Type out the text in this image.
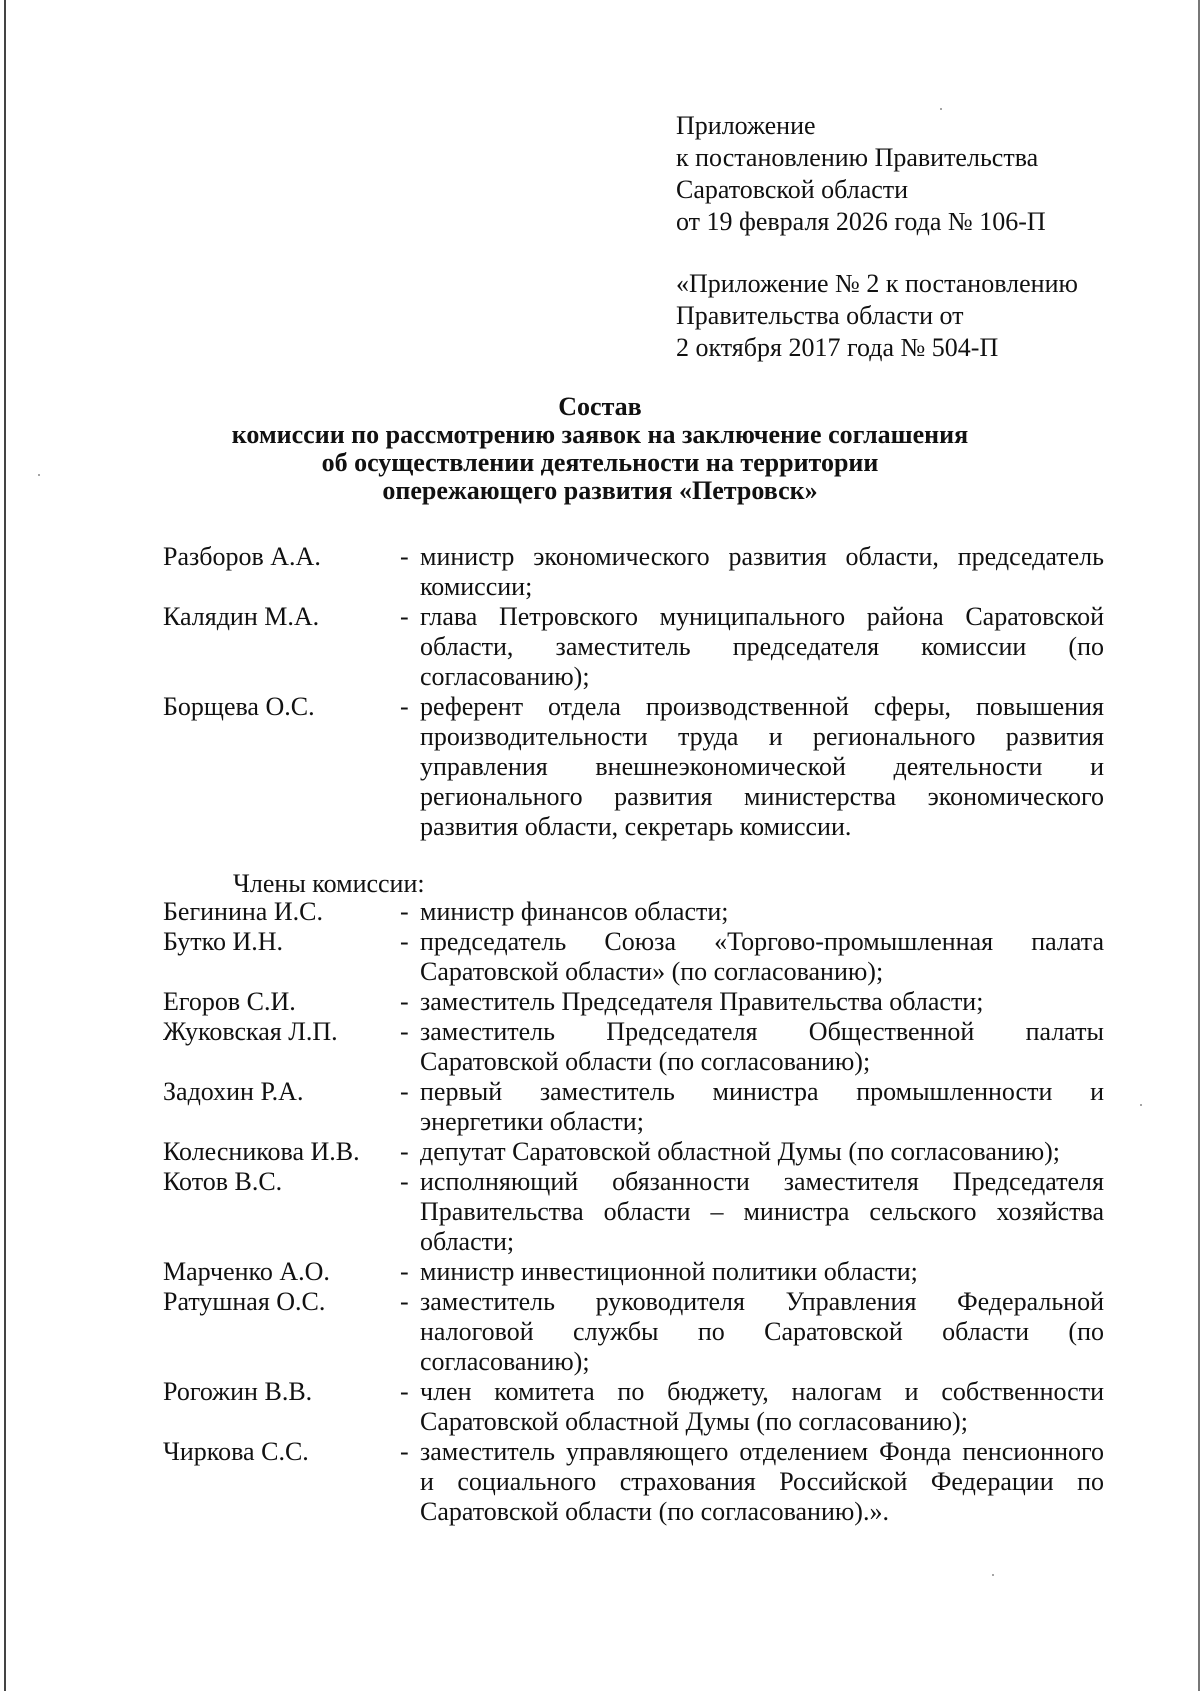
Приложение
к постановлению Правительства
Саратовской области
от 19 февраля 2026 года № 106-П
«Приложение № 2 к постановлению
Правительства области от
2 октября 2017 года № 504-П
Состав
комиссии по рассмотрению заявок на заключение соглашения
об осуществлении деятельности на территории
опережающего развития «Петровск»
Разборов А.А.	- министр экономического развития области, председатель комиссии;
Калядин М.А.	- глава Петровского муниципального района Саратовской области, заместитель председателя комиссии (по согласованию);
Борщева О.С.	- референт отдела производственной сферы, повышения производительности труда и регионального развития управления внешнеэкономической деятельности и регионального развития министерства экономического развития области, секретарь комиссии.
Члены комиссии:
Бегинина И.С.	- министр финансов области;
Бутко И.Н.	- председатель Союза «Торгово-промышленная палата Саратовской области» (по согласованию);
Егоров С.И.	- заместитель Председателя Правительства области;
Жуковская Л.П.	- заместитель Председателя Общественной палаты Саратовской области (по согласованию);
Задохин Р.А.	- первый заместитель министра промышленности и энергетики области;
Колесникова И.В.	- депутат Саратовской областной Думы (по согласованию);
Котов В.С.	- исполняющий обязанности заместителя Председателя Правительства области – министра сельского хозяйства области;
Марченко А.О.	- министр инвестиционной политики области;
Ратушная О.С.	- заместитель руководителя Управления Федеральной налоговой службы по Саратовской области (по согласованию);
Рогожин В.В.	- член комитета по бюджету, налогам и собственности Саратовской областной Думы (по согласованию);
Чиркова С.С.	- заместитель управляющего отделением Фонда пенсионного и социального страхования Российской Федерации по Саратовской области (по согласованию).».
